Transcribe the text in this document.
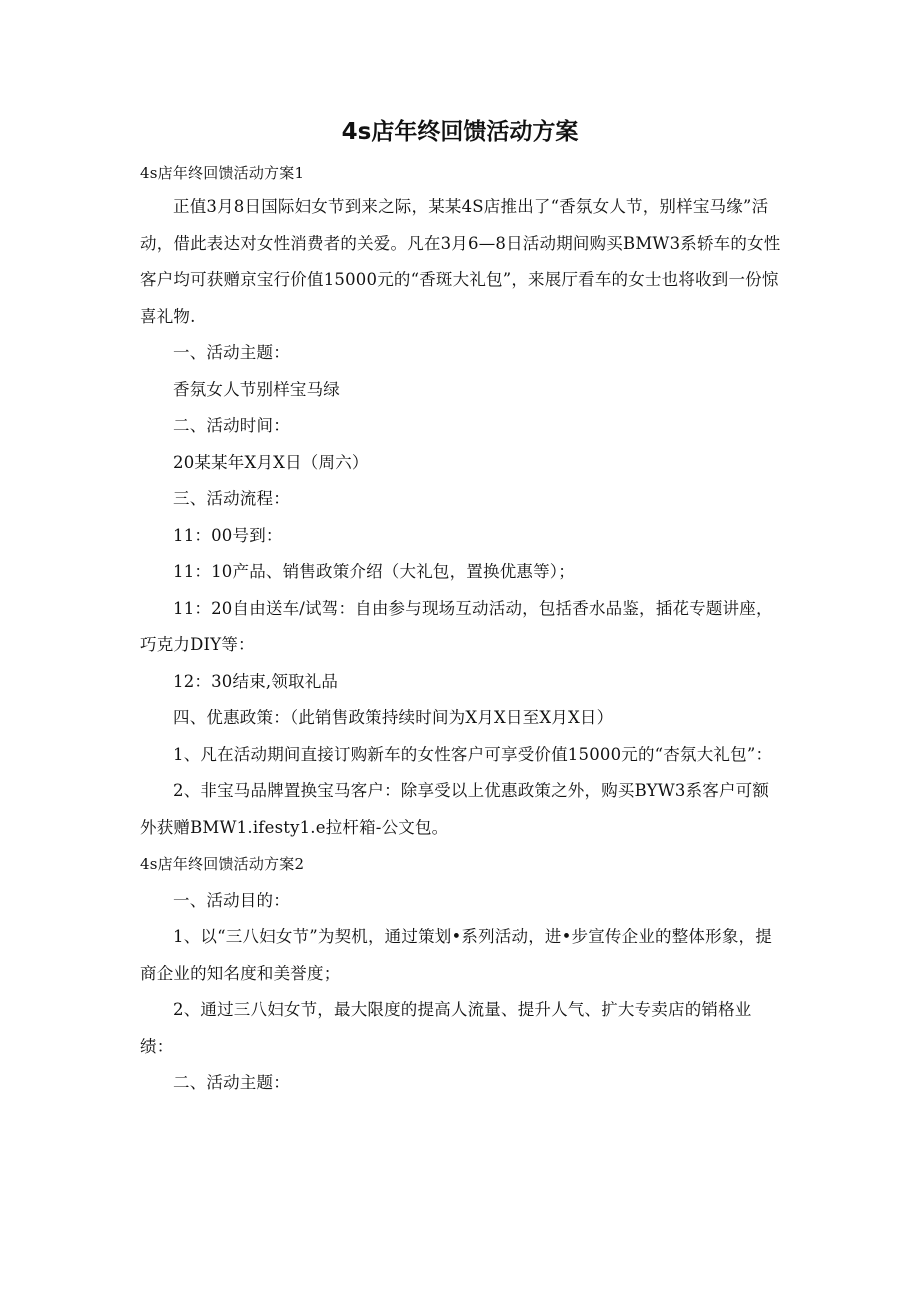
4s店年终回馈活动方案

4s店年终回馈活动方案1

正值3月8日国际妇女节到来之际，某某4S店推出了“香氛女人节，别样宝马缘”活动，借此表达对女性消费者的关爱。凡在3月6—8日活动期间购买BMW3系轿车的女性客户均可获赠京宝行价值15000元的“香斑大礼包”，来展厅看车的女士也将收到一份惊喜礼物.

一、活动主题：

香氛女人节别样宝马绿

二、活动时间：

20某某年X月X日（周六）

三、活动流程：

11：00号到：

11：10产品、销售政策介绍（大礼包，置换优惠等）；

11：20自由送车/试驾：自由参与现场互动活动，包括香水品鉴，插花专题讲座，巧克力DIY等：

12：30结束,领取礼品

四、优惠政策：（此销售政策持续时间为X月X日至X月X日）

1、凡在活动期间直接订购新车的女性客户可享受价值15000元的“杏氛大礼包”：

2、非宝马品牌置换宝马客户：除享受以上优惠政策之外，购买BYW3系客户可额外获赠BMW1.ifesty1.e拉杆箱-公文包。

4s店年终回馈活动方案2

一、活动目的：

1、以“三八妇女节”为契机，通过策划•系列活动，进•步宣传企业的整体形象，提商企业的知名度和美誉度；

2、通过三八妇女节，最大限度的提高人流量、提升人气、扩大专卖店的销格业绩：

二、活动主题：
